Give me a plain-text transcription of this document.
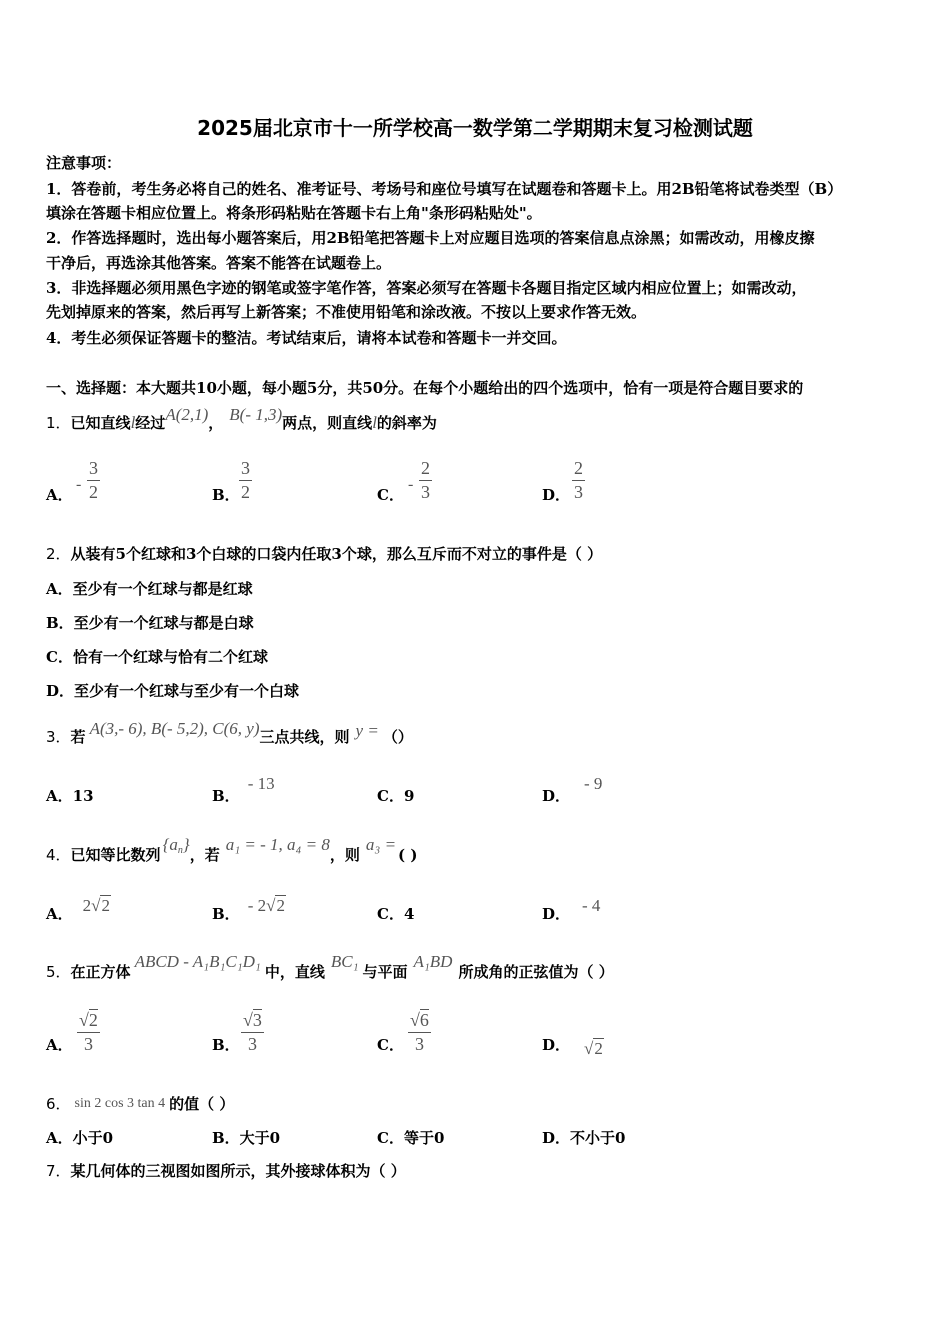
2025届北京市十一所学校高一数学第二学期期末复习检测试题
注意事项：
1．答卷前，考生务必将自己的姓名、准考证号、考场号和座位号填写在试题卷和答题卡上。用2B铅笔将试卷类型（B）
填涂在答题卡相应位置上。将条形码粘贴在答题卡右上角"条形码粘贴处"。
2．作答选择题时，选出每小题答案后，用2B铅笔把答题卡上对应题目选项的答案信息点涂黑；如需改动，用橡皮擦
干净后，再选涂其他答案。答案不能答在试题卷上。
3．非选择题必须用黑色字迹的钢笔或签字笔作答，答案必须写在答题卡各题目指定区域内相应位置上；如需改动，
先划掉原来的答案，然后再写上新答案；不准使用铅笔和涂改液。不按以上要求作答无效。
4．考生必须保证答题卡的整洁。考试结束后，请将本试卷和答题卡一并交回。
一、选择题：本大题共10小题，每小题5分，共50分。在每个小题给出的四个选项中，恰有一项是符合题目要求的
1．已知直线l经过A(2,1)， B(- 1,3)两点，则直线l的斜率为
A．
- $\frac{3}{2}$	B． $\frac{3}{2}$	C．
- $\frac{2}{3}$	D． $\frac{2}{3}$
2．从装有5个红球和3个白球的口袋内任取3个球，那么互斥而不对立的事件是（ ）
A．至少有一个红球与都是红球
B．至少有一个红球与都是白球
C．恰有一个红球与恰有二个红球
D．至少有一个红球与至少有一个白球
3．若 A(3,- 6), B(- 5,2), C(6, y)三点共线，则 y = （）
A．13	B．- 13
C．9	D．- 9
4．已知等比数列$\{a_n\}$，若a₁ = - 1, a₄ = 8，则a₃ =( )
A． 2√2	B． - 2√2	C．4	D． - 4
5．在正方体ABCD - A₁B₁C₁D₁中，直线BC₁与平面A₁BD所成角的正弦值为（ ）
A． $\frac{√2}{3}$	B． $\frac{√3}{3}$	C． $\frac{√6}{3}$	D． √2
6． sin 2 cos 3 tan 4 的值（ ）
A．小于0	B．大于0	C．等于0	D．不小于0
7．某几何体的三视图如图所示，其外接球体积为（ ）
